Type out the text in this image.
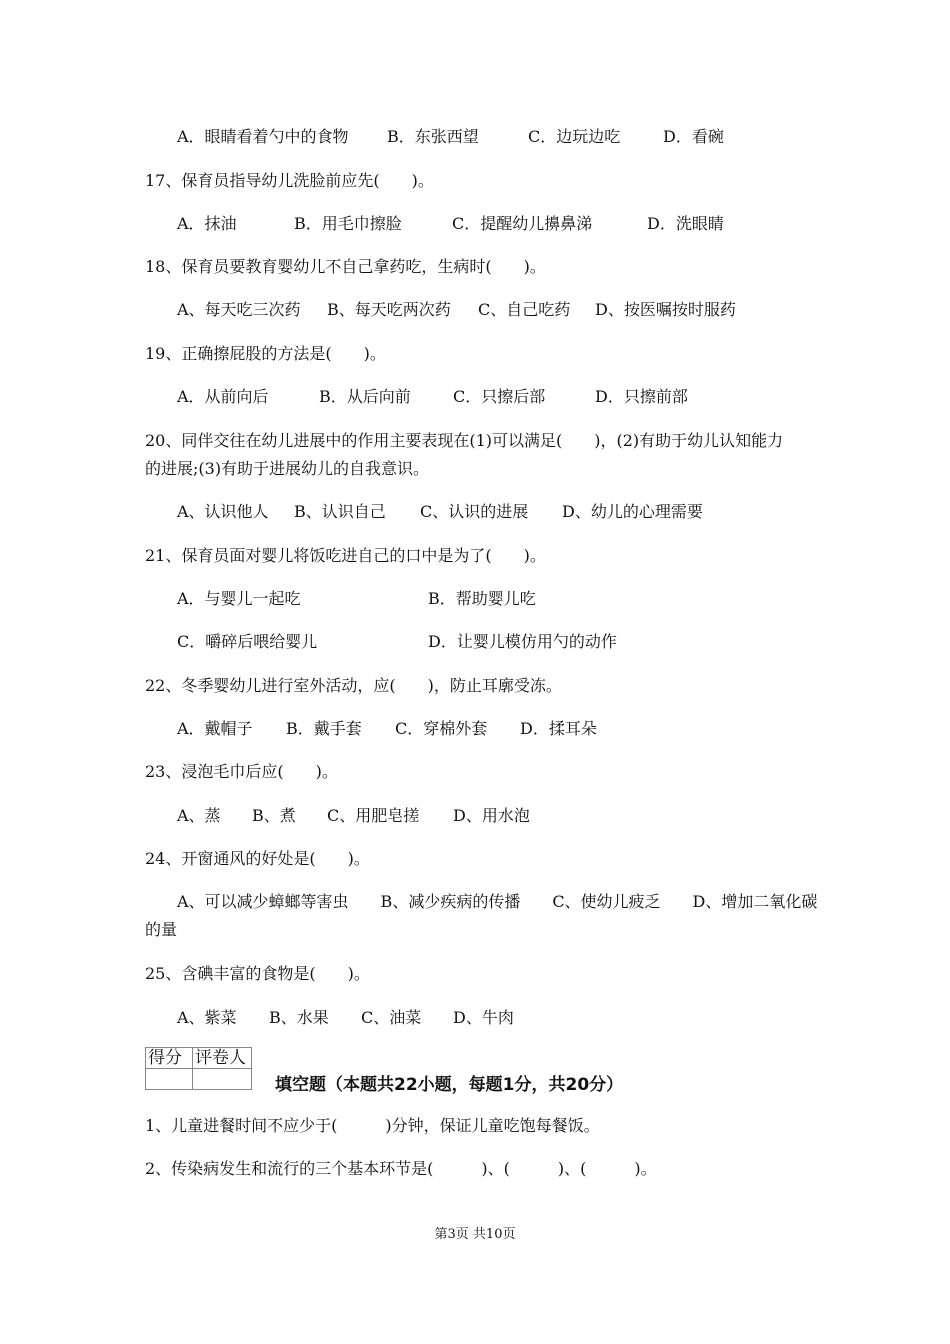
A．眼睛看着勺中的食物

B．东张西望

	C．边玩边吃

	D．看碗

17、保育员指导幼儿洗脸前应先(　　)。

A．抹油

	B．用毛巾擦脸

	C．提醒幼儿擤鼻涕

	D．洗眼睛

18、保育员要教育婴幼儿不自己拿药吃，生病时(　　)。

A、每天吃三次药

B、每天吃两次药

C、自己吃药

D、按医嘱按时服药

19、正确擦屁股的方法是(　　)。

A．从前向后

	B．从后向前

	C．只擦后部

	D．只擦前部

20、同伴交往在幼儿进展中的作用主要表现在(1)可以满足(　　)，(2)有助于幼儿认知能力
的进展;(3)有助于进展幼儿的自我意识。

A、认识他人

B、认识自己

C、认识的进展

D、幼儿的心理需要

21、保育员面对婴儿将饭吃进自己的口中是为了(　　)。

A．与婴儿一起吃

	B．帮助婴儿吃

C．嚼碎后喂给婴儿

	D．让婴儿模仿用勺的动作

22、冬季婴幼儿进行室外活动，应(　　)，防止耳廓受冻。

A．戴帽子

B．戴手套

C．穿棉外套

D．揉耳朵

23、浸泡毛巾后应(　　)。

A、蒸

B、煮

C、用肥皂搓

D、用水泡

24、开窗通风的好处是(　　)。
A、可以减少蟑螂等害虫　　B、减少疾病的传播　　C、使幼儿疲乏　　D、增加二氧化碳
的量
25、含碘丰富的食物是(　　)。

A、紫菜

B、水果

C、油菜

D、牛肉

得分	评卷人

填空题（本题共22小题，每题1分，共20分）
1、儿童进餐时间不应少于(　　　)分钟，保证儿童吃饱每餐饭。
2、传染病发生和流行的三个基本环节是(　　　)、(　　　)、(　　　)。
第3页 共10页
